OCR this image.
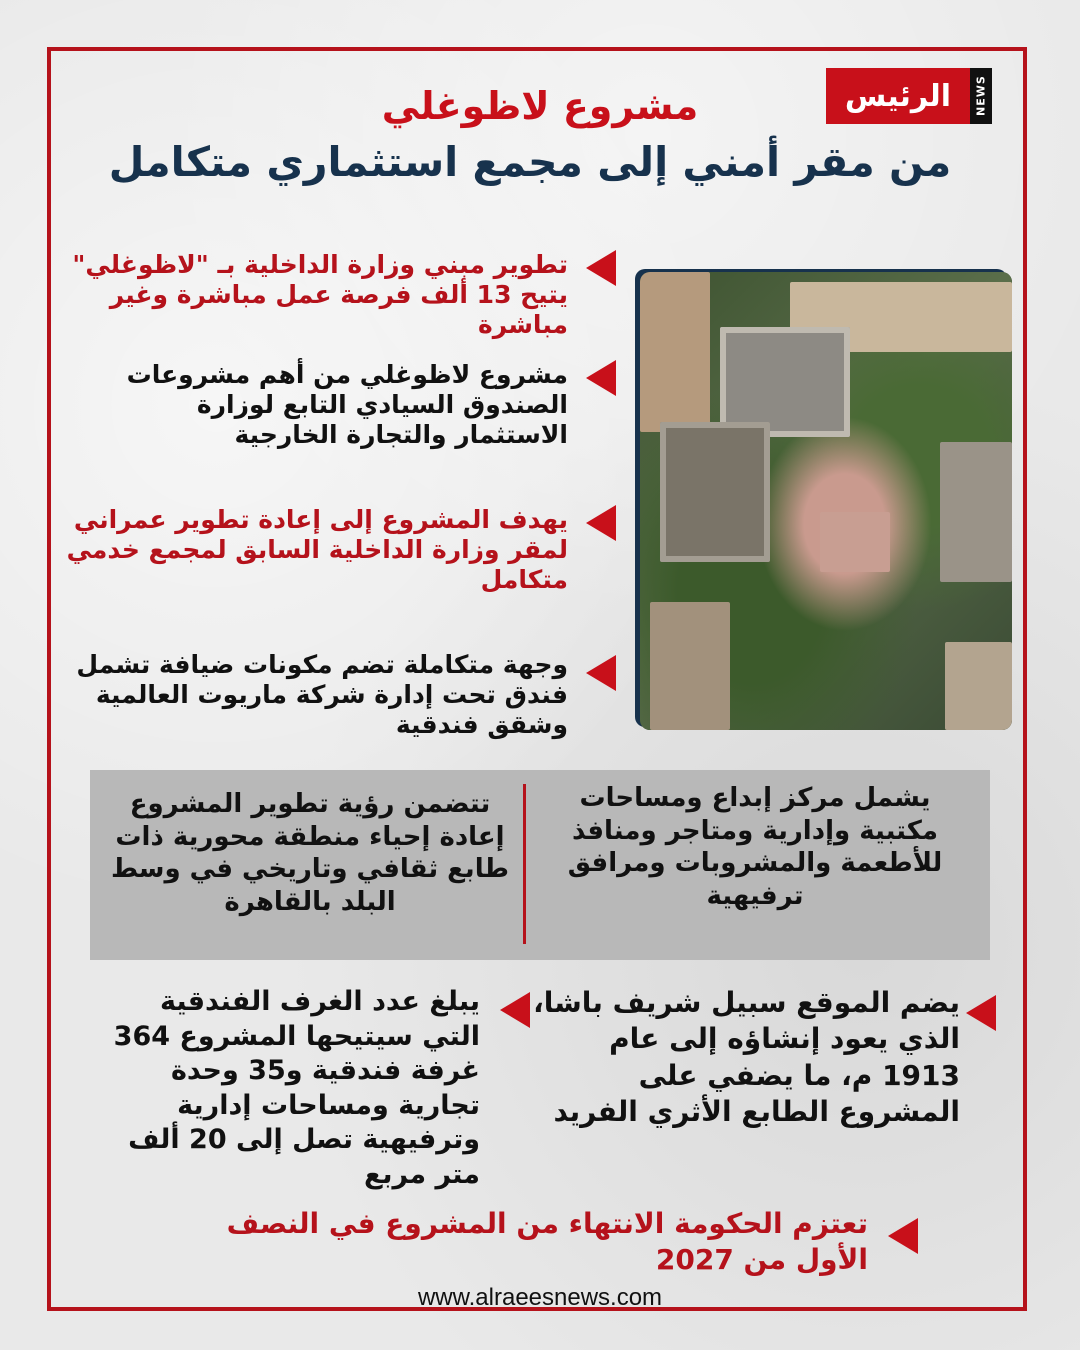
الرئيس	NEWS
مشروع لاظوغلي
من مقر أمني إلى مجمع استثماري متكامل
تطوير مبني وزارة الداخلية بـ "لاظوغلي" يتيح 13 ألف فرصة عمل مباشرة وغير مباشرة
مشروع لاظوغلي من أهم مشروعات الصندوق السيادي التابع لوزارة الاستثمار والتجارة الخارجية
يهدف المشروع إلى إعادة تطوير عمراني لمقر وزارة الداخلية السابق لمجمع خدمي متكامل
وجهة متكاملة تضم مكونات ضيافة تشمل فندق تحت إدارة شركة ماريوت العالمية وشقق فندقية
يشمل مركز إبداع ومساحات مكتبية وإدارية ومتاجر ومنافذ للأطعمة والمشروبات ومرافق ترفيهية
تتضمن رؤية تطوير المشروع إعادة إحياء منطقة محورية ذات طابع ثقافي وتاريخي في وسط البلد بالقاهرة
يضم الموقع سبيل شريف باشا، الذي يعود إنشاؤه إلى عام 1913 م، ما يضفي على المشروع الطابع الأثري الفريد
يبلغ عدد الغرف الفندقية التي سيتيحها المشروع 364 غرفة فندقية و35 وحدة تجارية ومساحات إدارية وترفيهية تصل إلى 20 ألف متر مربع
تعتزم الحكومة الانتهاء من المشروع في النصف الأول من 2027
www.alraeesnews.com
